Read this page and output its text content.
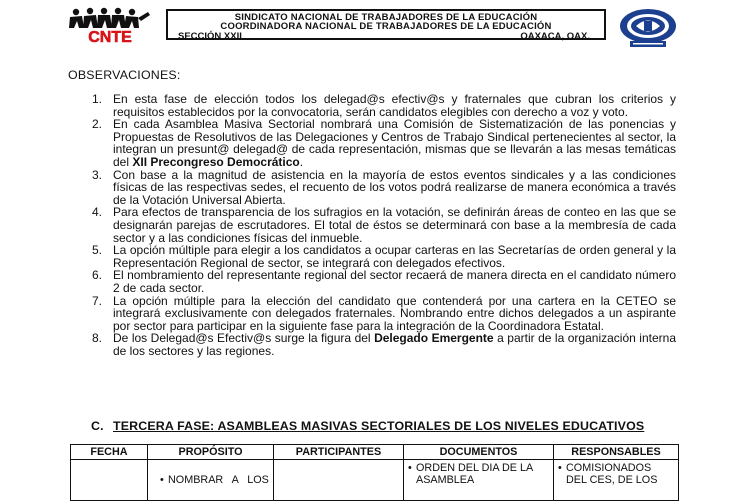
CNTE
SINDICATO NACIONAL DE TRABAJADORES DE LA EDUCACIÓN
COORDINADORA NACIONAL DE TRABAJADORES DE LA EDUCACIÓN
SECCIÓN XXII	OAXACA, OAX.
OBSERVACIONES:
1. En esta fase de elección todos los delegad@s efectiv@s y fraternales que cubran los criterios y requisitos establecidos por la convocatoria, serán candidatos elegibles con derecho a voz y voto.
2. En cada Asamblea Masiva Sectorial nombrará una Comisión de Sistematización de las ponencias y Propuestas de Resolutivos de las Delegaciones y Centros de Trabajo Sindical pertenecientes al sector, la integran un presunt@ delegad@ de cada representación, mismas que se llevarán a las mesas temáticas del XII Precongreso Democrático.
3. Con base a la magnitud de asistencia en la mayoría de estos eventos sindicales y a las condiciones físicas de las respectivas sedes, el recuento de los votos podrá realizarse de manera económica a través de la Votación Universal Abierta.
4. Para efectos de transparencia de los sufragios en la votación, se definirán áreas de conteo en las que se designarán parejas de escrutadores. El total de éstos se determinará con base a la membresía de cada sector y a las condiciones físicas del inmueble.
5. La opción múltiple para elegir a los candidatos a ocupar carteras en las Secretarías de orden general y la Representación Regional de sector, se integrará con delegados efectivos.
6. El nombramiento del representante regional del sector recaerá de manera directa en el candidato número 2 de cada sector.
7. La opción múltiple para la elección del candidato que contenderá por una cartera en la CETEO se integrará exclusivamente con delegados fraternales. Nombrando entre dichos delegados a un aspirante por sector para participar en la siguiente fase para la integración de la Coordinadora Estatal.
8. De los Delegad@s Efectiv@s surge la figura del Delegado Emergente a partir de la organización interna de los sectores y las regiones.
C. TERCERA FASE: ASAMBLEAS MASIVAS SECTORIALES DE LOS NIVELES EDUCATIVOS
FECHA	PROPÓSITO	PARTICIPANTES	DOCUMENTOS	RESPONSABLES

	• NOMBRAR A LOS		• ORDEN DEL DIA DE LA ASAMBLEA	• COMISIONADOS DEL CES, DE LOS
